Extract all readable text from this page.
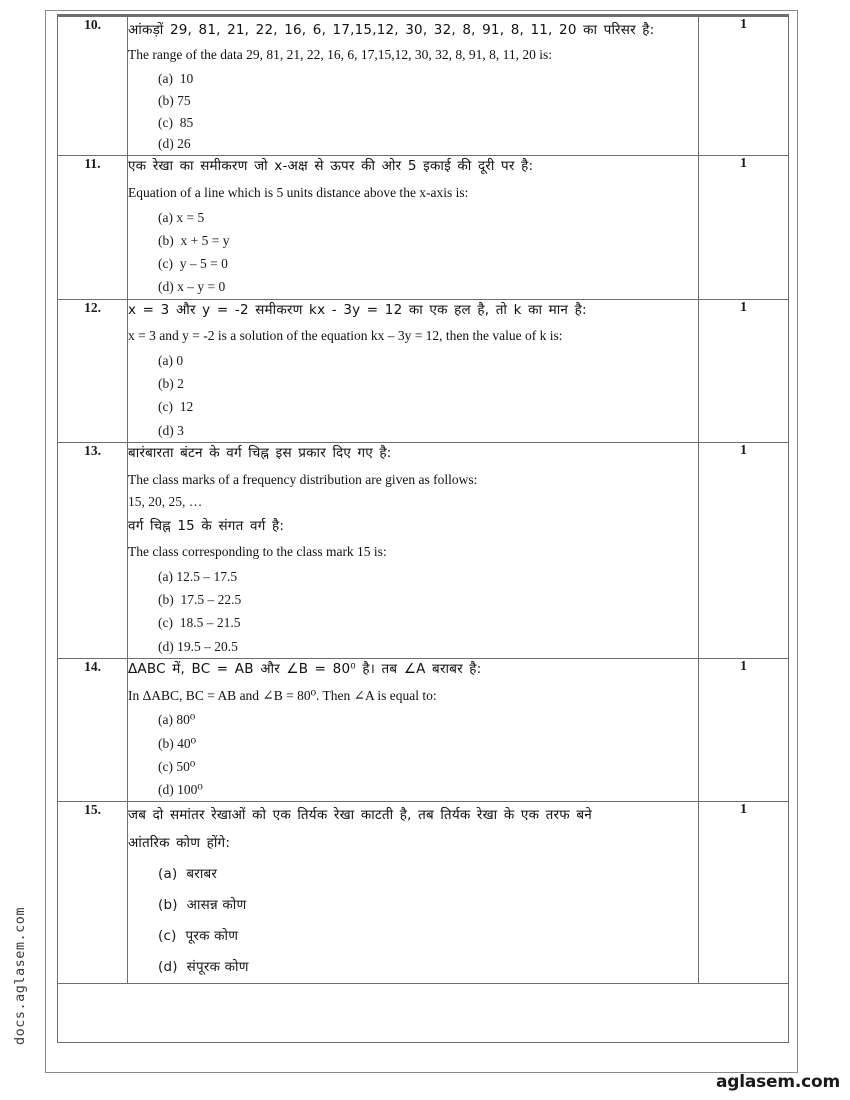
10.	आंकड़ों 29, 81, 21, 22, 16, 6, 17,15,12, 30, 32, 8, 91, 8, 11, 20 का परिसर है:

The range of the data 29, 81, 21, 22, 16, 6, 17,15,12, 30, 32, 8, 91, 8, 11, 20 is:

(a)  10
(b) 75
(c)  85
(d) 26
	1
11.	एक रेखा का समीकरण जो x-अक्ष से ऊपर की ओर 5 इकाई की दूरी पर है:

Equation of a line which is 5 units distance above the x-axis is:

(a) x = 5
(b)  x + 5 = y
(c)  y – 5 = 0
(d) x – y = 0
	1
12.	x = 3 और y = -2 समीकरण kx - 3y = 12 का एक हल है, तो k का मान है:

x = 3 and y = -2 is a solution of the equation kx – 3y = 12, then the value of k is:

(a) 0
(b) 2
(c)  12
(d) 3
	1
13.	बारंबारता बंटन के वर्ग चिह्न इस प्रकार दिए गए है:

The class marks of a frequency distribution are given as follows:

15, 20, 25, …

वर्ग चिह्न 15 के संगत वर्ग है:

The class corresponding to the class mark 15 is:

(a) 12.5 – 17.5
(b)  17.5 – 22.5
(c)  18.5 – 21.5
(d) 19.5 – 20.5
	1
14.	ΔABC में, BC = AB और ∠B = 80⁰ है। तब ∠A बराबर है:

In ΔABC, BC = AB and ∠B = 80⁰. Then ∠A is equal to:

(a) 80⁰
(b) 40⁰
(c) 50⁰
(d) 100⁰
	1
15.	जब दो समांतर रेखाओं को एक तिर्यक रेखा काटती है, तब तिर्यक रेखा के एक तरफ बने

आंतरिक कोण होंगे:

(a)  बराबर
(b)  आसन्न कोण
(c)  पूरक कोण
(d)  संपूरक कोण
	1

docs.aglasem.com
aglasem.com
